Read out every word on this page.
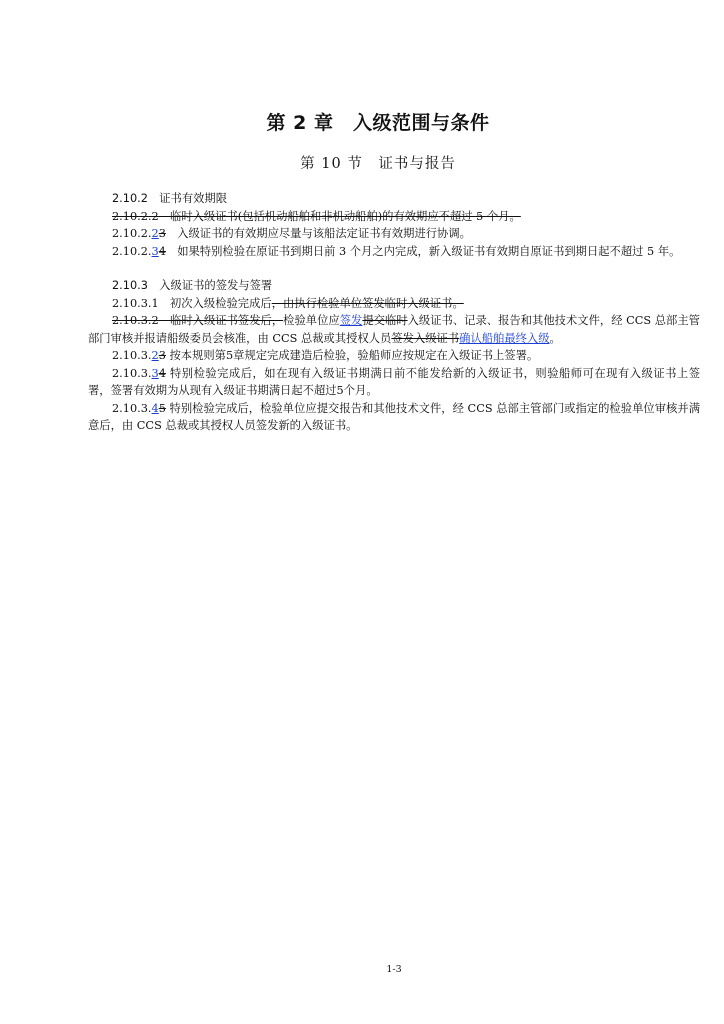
第 2 章　入级范围与条件
第 10 节　证书与报告

2.10.2　证书有效期限

2.10.2.2　临时入级证书(包括机动船舶和非机动船舶)的有效期应不超过 5 个月。

2.10.2.23　入级证书的有效期应尽量与该船法定证书有效期进行协调。

2.10.2.34　如果特别检验在原证书到期日前 3 个月之内完成，新入级证书有效期自原证书到期日起不超过 5 年。

2.10.3　入级证书的签发与签署

2.10.3.1　初次入级检验完成后，由执行检验单位签发临时入级证书。

2.10.3.2　临时入级证书签发后，检验单位应签发提交临时入级证书、记录、报告和其他技术文件，经 CCS 总部主管部门审核并报请船级委员会核准，由 CCS 总裁或其授权人员签发入级证书确认船舶最终入级。

2.10.3.23 按本规则第5章规定完成建造后检验，验船师应按规定在入级证书上签署。

2.10.3.34 特别检验完成后，如在现有入级证书期满日前不能发给新的入级证书，则验船师可在现有入级证书上签署，签署有效期为从现有入级证书期满日起不超过5个月。

2.10.3.45 特别检验完成后，检验单位应提交报告和其他技术文件，经 CCS 总部主管部门或指定的检验单位审核并满意后，由 CCS 总裁或其授权人员签发新的入级证书。

1-3
